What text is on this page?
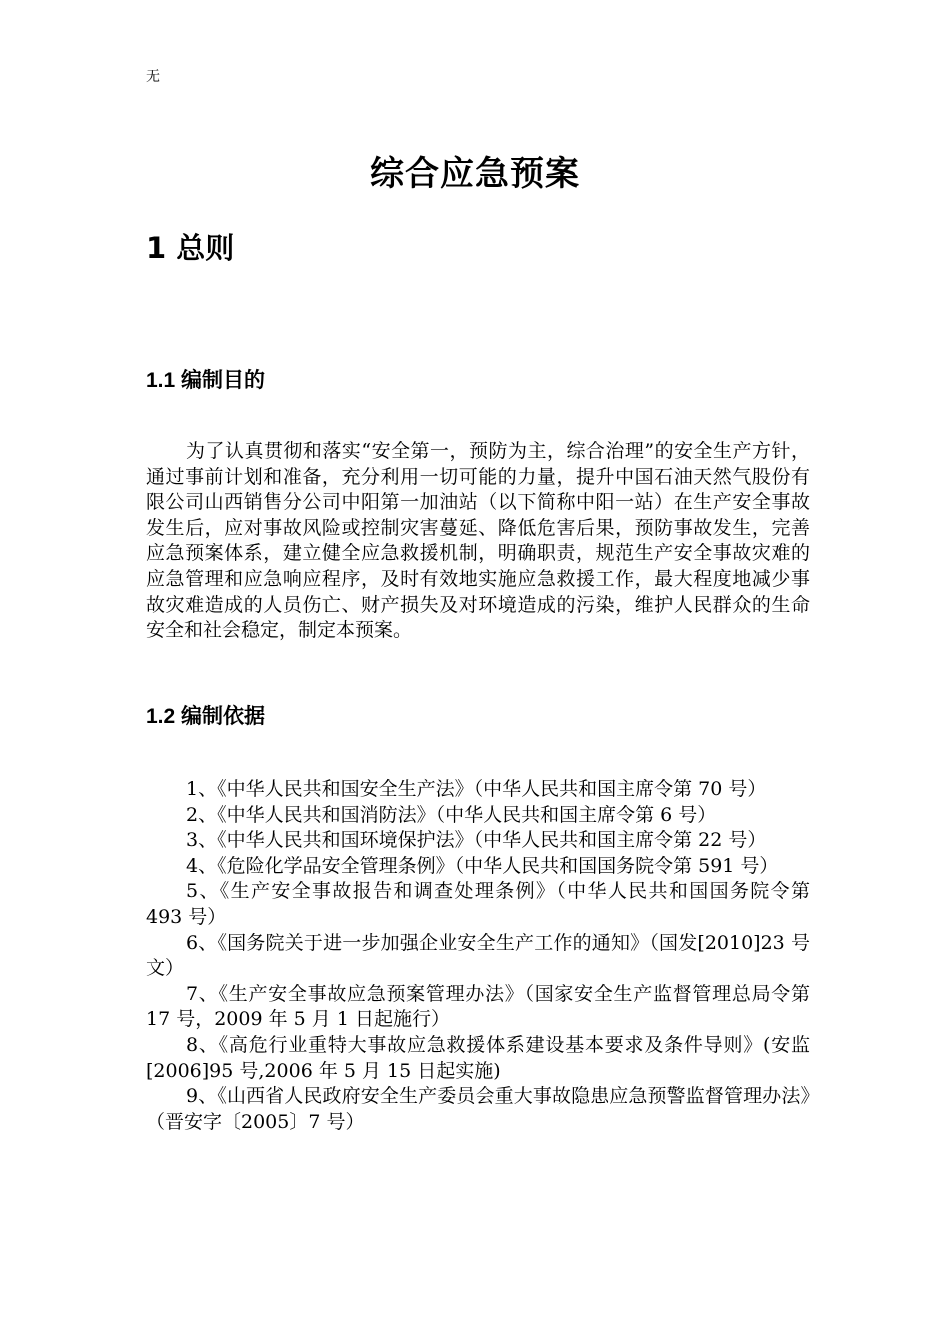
无
综合应急预案
1 总则
1.1 编制目的
为了认真贯彻和落实“安全第一，预防为主，综合治理”的安全生产方针，通过事前计划和准备，充分利用一切可能的力量，提升中国石油天然气股份有限公司山西销售分公司中阳第一加油站（以下简称中阳一站）在生产安全事故发生后，应对事故风险或控制灾害蔓延、降低危害后果，预防事故发生，完善应急预案体系，建立健全应急救援机制，明确职责，规范生产安全事故灾难的应急管理和应急响应程序，及时有效地实施应急救援工作，最大程度地减少事故灾难造成的人员伤亡、财产损失及对环境造成的污染，维护人民群众的生命安全和社会稳定，制定本预案。
1.2 编制依据
1、《中华人民共和国安全生产法》（中华人民共和国主席令第 70 号）
2、《中华人民共和国消防法》（中华人民共和国主席令第 6 号）
3、《中华人民共和国环境保护法》（中华人民共和国主席令第 22 号）
4、《危险化学品安全管理条例》（中华人民共和国国务院令第 591 号）
5、《生产安全事故报告和调查处理条例》（中华人民共和国国务院令第 493 号）
6、《国务院关于进一步加强企业安全生产工作的通知》（国发[2010]23 号文）
7、《生产安全事故应急预案管理办法》（国家安全生产监督管理总局令第 17 号，2009 年 5 月 1 日起施行）
8、《高危行业重特大事故应急救援体系建设基本要求及条件导则》(安监[2006]95 号,2006 年 5 月 15 日起实施)
9、《山西省人民政府安全生产委员会重大事故隐患应急预警监督管理办法》（晋安字〔2005〕7 号）
